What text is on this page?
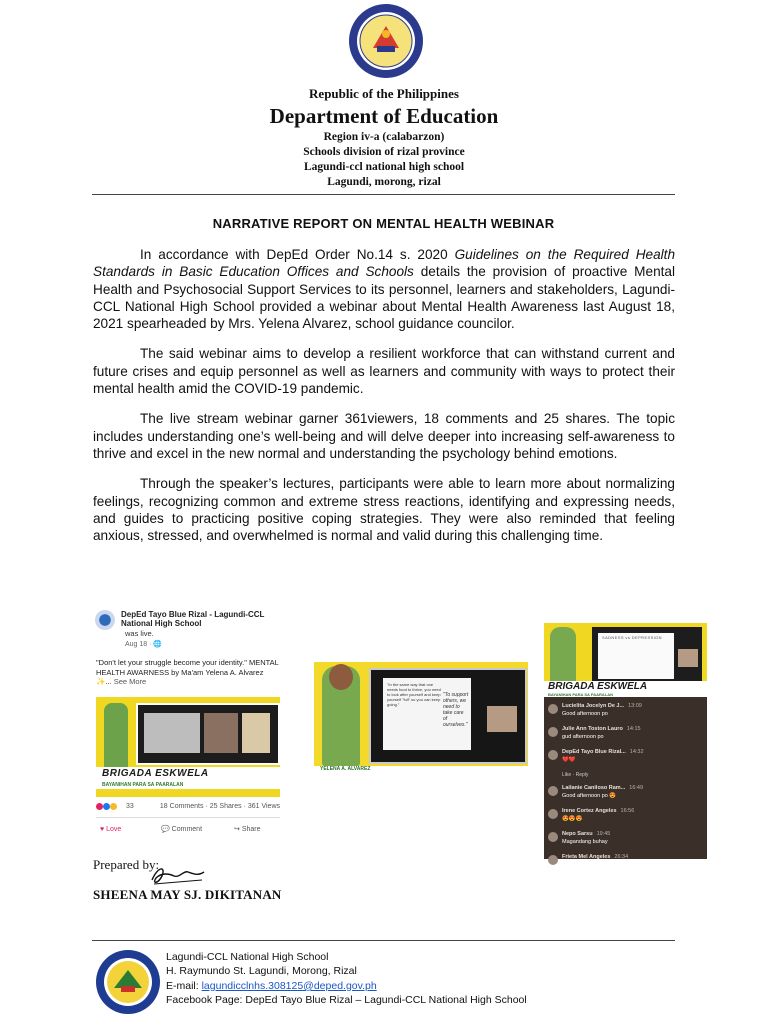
Republic of the Philippines
Department of Education
Region iv-a (calabarzon)
Schools division of rizal province
Lagundi-ccl national high school
Lagundi, morong, rizal
NARRATIVE REPORT ON MENTAL HEALTH WEBINAR

In accordance with DepEd Order No.14 s. 2020 Guidelines on the Required Health Standards in Basic Education Offices and Schools details the provision of proactive Mental Health and Psychosocial Support Services to its personnel, learners and stakeholders, Lagundi-CCL National High School provided a webinar about Mental Health Awareness last August 18, 2021 spearheaded by Mrs. Yelena Alvarez, school guidance councilor.

The said webinar aims to develop a resilient workforce that can withstand current and future crises and equip personnel as well as learners and community with ways to protect their mental health amid the COVID-19 pandemic.

The live stream webinar garner 361viewers, 18 comments and 25 shares. The topic includes understanding one’s well-being and will delve deeper into increasing self-awareness to thrive and excel in the new normal and understanding the psychology behind emotions.

Through the speaker’s lectures, participants were able to learn more about normalizing feelings, recognizing common and extreme stress reactions, identifying and expressing needs, and guides to practicing positive coping strategies. They were also reminded that feeling anxious, stressed, and overwhelmed is normal and valid during this challenging time.

DepEd Tayo Blue Rizal - Lagundi-CCL National High School
was live.
Aug 18 · 🌐
"Don't let your struggle become your identity." MENTAL HEALTH AWARNESS by Ma'am Yelena A. Alvarez ✨... See More
BRIGADA ESKWELA
BAYANIHAN PARA SA PAARALAN

33	18 Comments · 25 Shares · 361 Views
♥ Love	💬 Comment	↪ Share
"In the same way that one needs food to thrive, you need to look after yourself and keep yourself "full" so you can keep going."
"To support others, we need to take care of ourselves."
YELENA A. ALVAREZ
SADNESS vs DEPRESSION
BRIGADA ESKWELA
BAYANIHAN PARA SA PAARALAN
Lucielita Jocelyn De J... 13:09
Good afternoon po
Julie Ann Toston Lauro 14:15
gud afternoon po
DepEd Tayo Blue Rizal... 14:32
❤️❤️
Like · Reply
Lailanie Caniloso Ram... 16:49
Good afternoon po 😍
Irene Cortez Angeles 16:56
😍😍😍
Nepo Sarsu 19:45
Magandang buhay
Frieta Mel Angeles 26:34
Gd afternoon!
Hello po
Prepared by:
SHEENA MAY SJ. DIKITANAN
Lagundi-CCL National High School
H. Raymundo St. Lagundi, Morong, Rizal
E-mail: lagundicclnhs.308125@deped.gov.ph
Facebook Page: DepEd Tayo Blue Rizal – Lagundi-CCL National High School
